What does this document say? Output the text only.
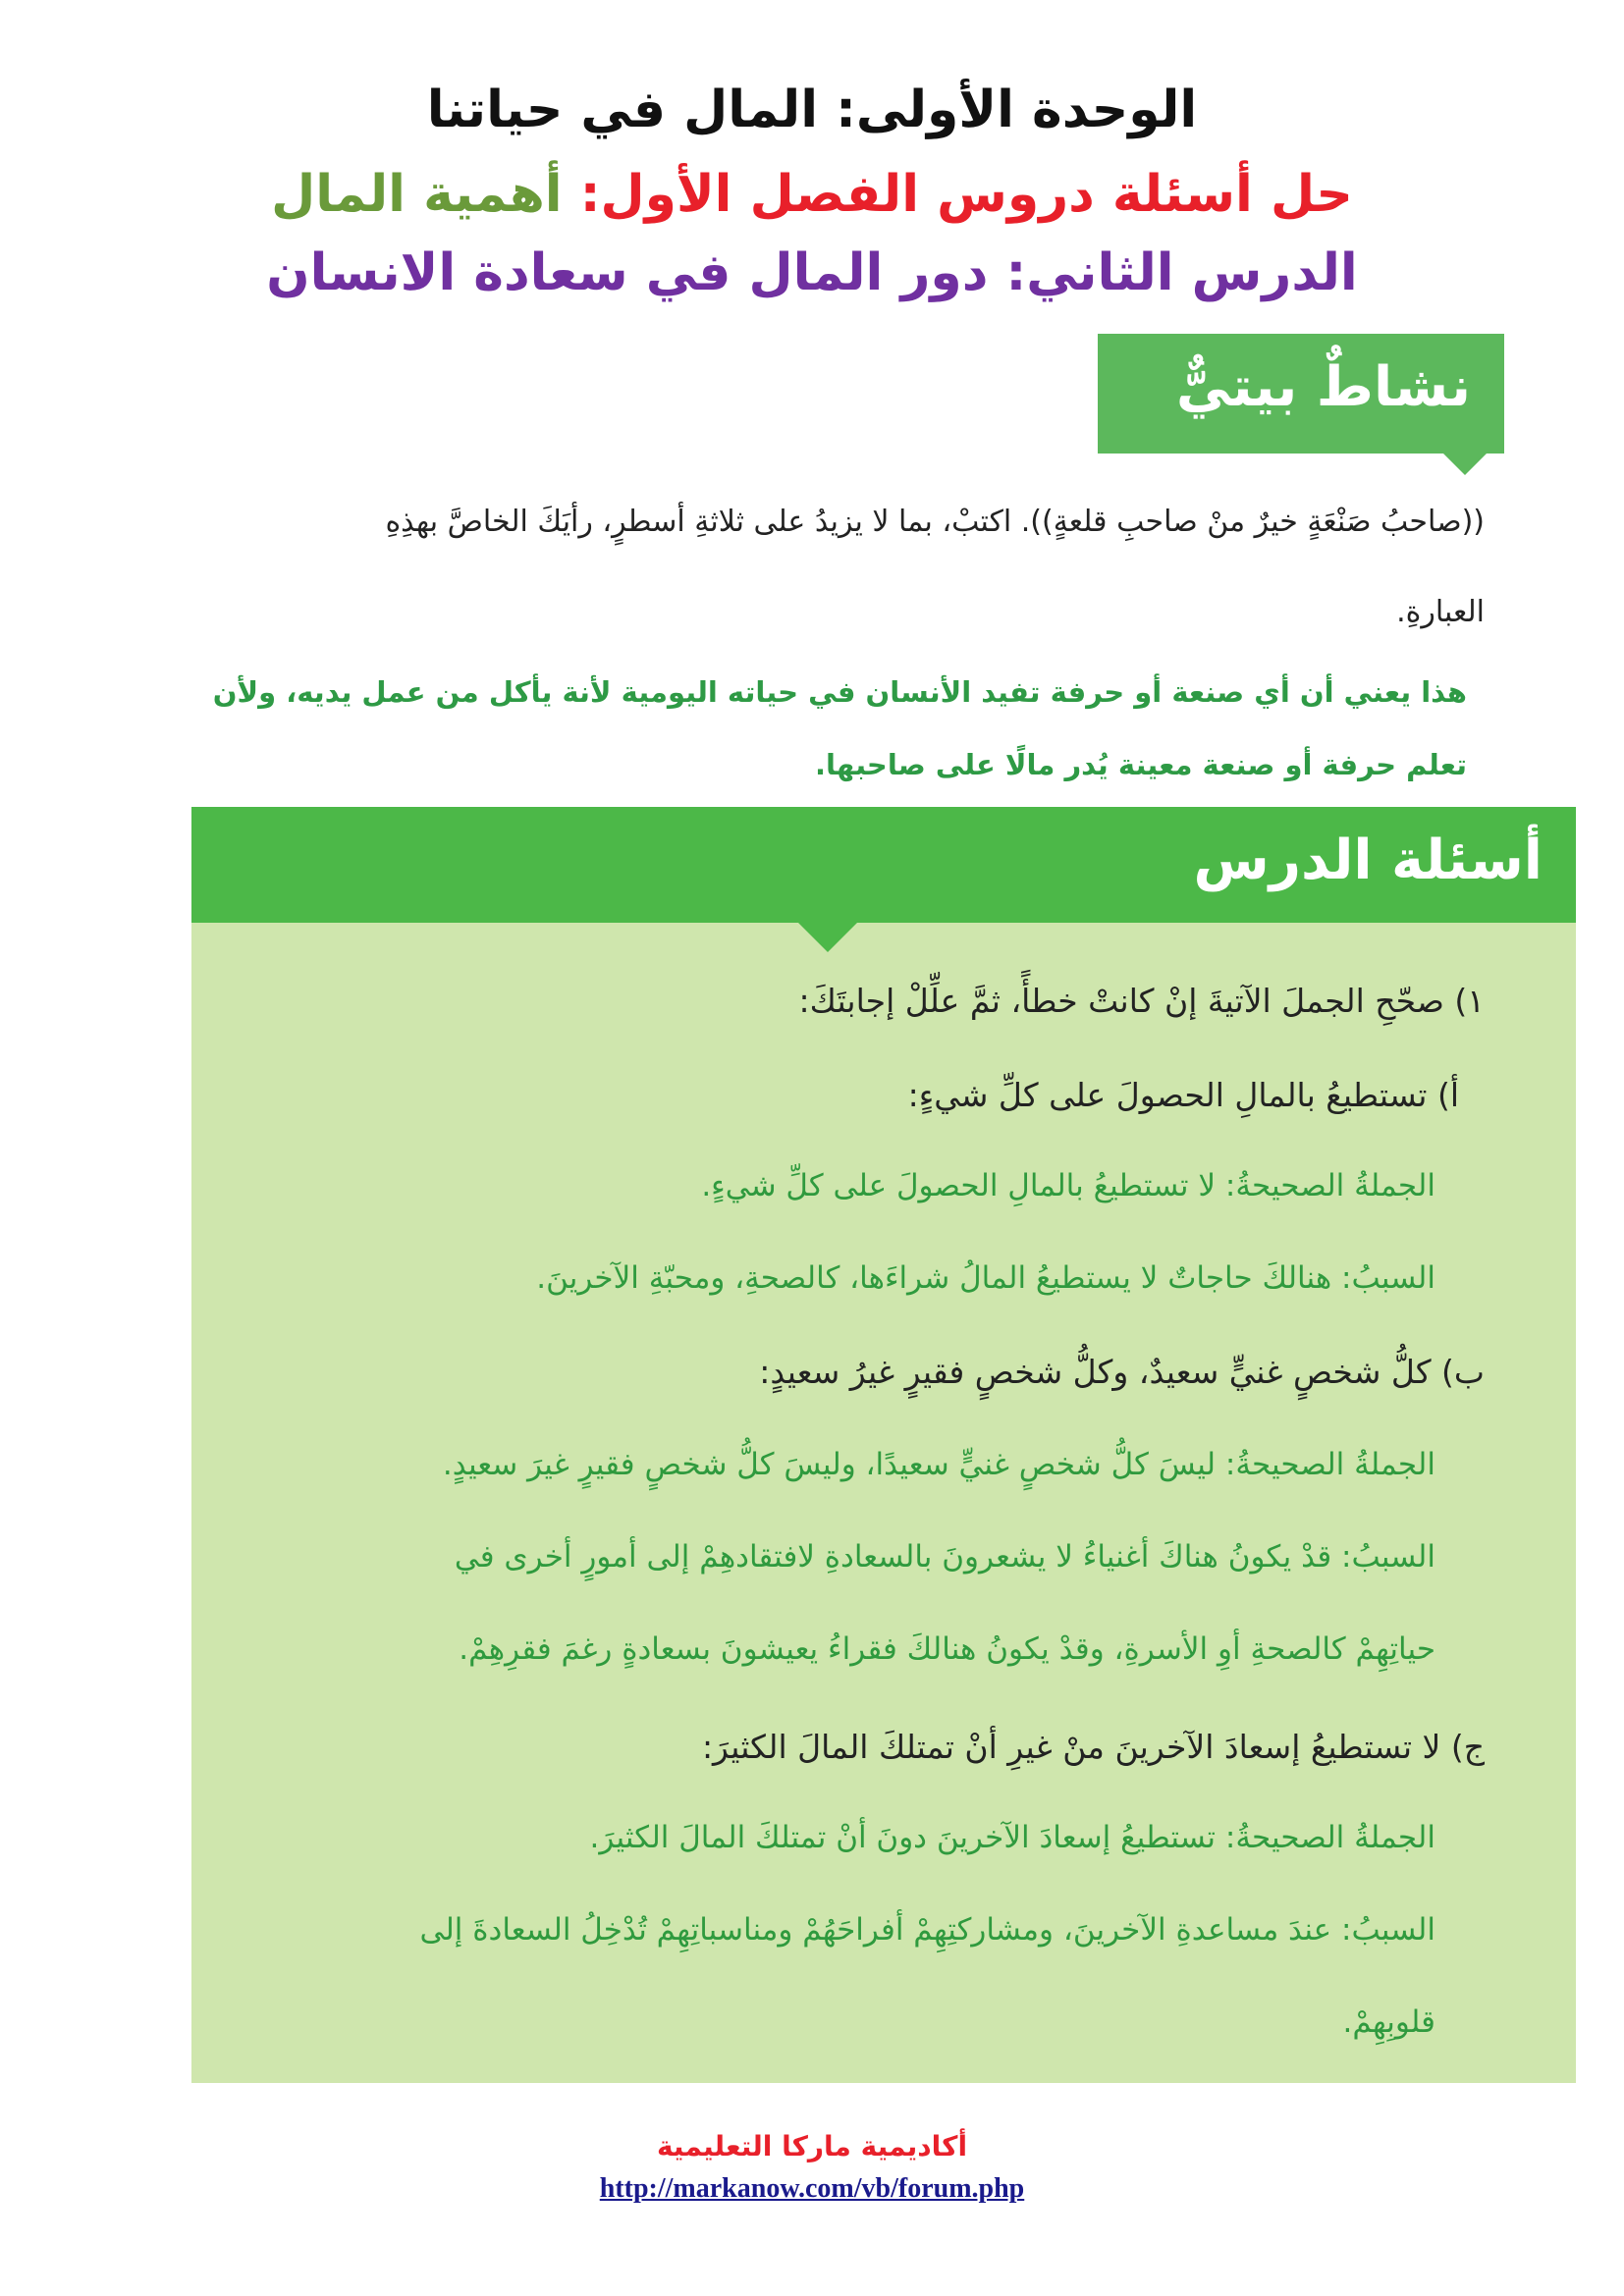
الوحدة الأولى: المال في حياتنا
حل أسئلة دروس الفصل الأول: أهمية المال
الدرس الثاني: دور المال في سعادة الانسان
نشاطٌ بيتيٌّ
((صاحبُ صَنْعَةٍ خيرٌ منْ صاحبِ قلعةٍ)). اكتبْ، بما لا يزيدُ على ثلاثةِ أسطرٍ، رأيَكَ الخاصَّ بهذِهِ
العبارةِ.
هذا يعني أن أي صنعة أو حرفة تفيد الأنسان في حياته اليومية لأنة يأكل من عمل يديه، ولأن
تعلم حرفة أو صنعة معينة يُدر مالًا على صاحبها.
أسئلة الدرس
١) صحّحِ الجملَ الآتيةَ إنْ كانتْ خطأً، ثمَّ علِّلْ إجابتَكَ:
أ) تستطيعُ بالمالِ الحصولَ على كلِّ شيءٍ:
الجملةُ الصحيحةُ: لا تستطيعُ بالمالِ الحصولَ على كلِّ شيءٍ.
السببُ: هنالكَ حاجاتٌ لا يستطيعُ المالُ شراءَها، كالصحةِ، ومحبّةِ الآخرينَ.
ب) كلُّ شخصٍ غنيٍّ سعيدٌ، وكلُّ شخصٍ فقيرٍ غيرُ سعيدٍ:
الجملةُ الصحيحةُ: ليسَ كلُّ شخصٍ غنيٍّ سعيدًا، وليسَ كلُّ شخصٍ فقيرٍ غيرَ سعيدٍ.
السببُ: قدْ يكونُ هناكَ أغنياءُ لا يشعرونَ بالسعادةِ لافتقادهِمْ إلى أمورٍ أخرى في
حياتِهِمْ كالصحةِ أوِ الأسرةِ، وقدْ يكونُ هنالكَ فقراءُ يعيشونَ بسعادةٍ رغمَ فقرِهِمْ.
ج) لا تستطيعُ إسعادَ الآخرينَ منْ غيرِ أنْ تمتلكَ المالَ الكثيرَ:
الجملةُ الصحيحةُ: تستطيعُ إسعادَ الآخرينَ دونَ أنْ تمتلكَ المالَ الكثيرَ.
السببُ: عندَ مساعدةِ الآخرينَ، ومشاركتِهِمْ أفراحَهُمْ ومناسباتِهِمْ تُدْخِلُ السعادةَ إلى
قلوبِهِمْ.
أكاديمية ماركا التعليمية
http://markanow.com/vb/forum.php
